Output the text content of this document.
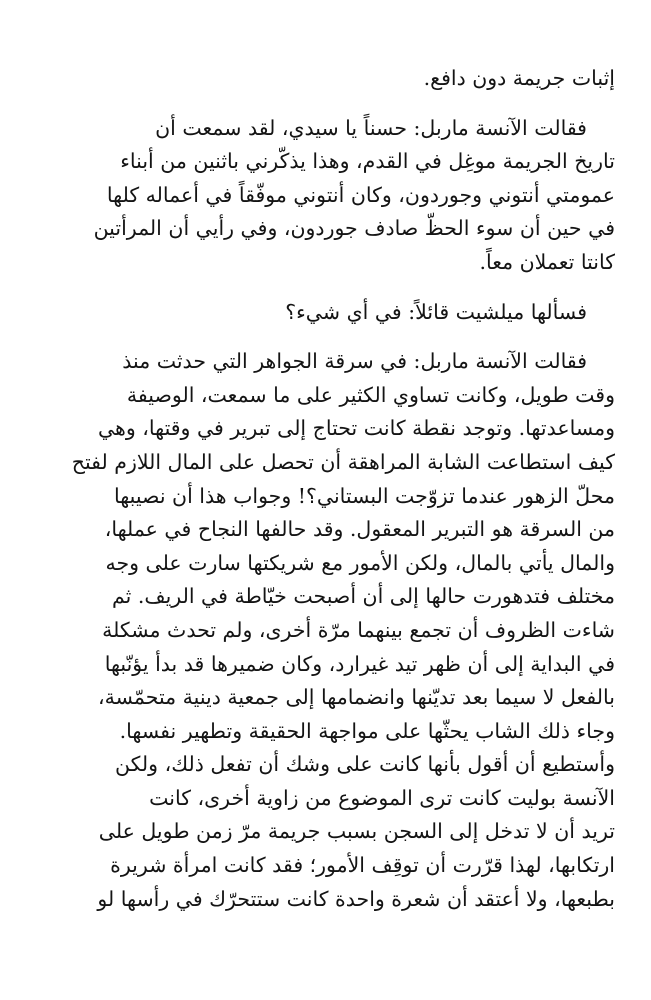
إثبات جريمة دون دافع.

فقالت الآنسة ماربل: حسناً يا سيدي، لقد سمعت أن
تاريخ الجريمة موغِل في القدم، وهذا يذكّرني باثنين من أبناء
عمومتي أنتوني وجوردون، وكان أنتوني موفّقاً في أعماله كلها
في حين أن سوء الحظّ صادف جوردون، وفي رأيي أن المرأتين
كانتا تعملان معاً.

فسألها ميلشيت قائلاً: في أي شيء؟

فقالت الآنسة ماربل: في سرقة الجواهر التي حدثت منذ
وقت طويل، وكانت تساوي الكثير على ما سمعت، الوصيفة
ومساعدتها. وتوجد نقطة كانت تحتاج إلى تبرير في وقتها، وهي
كيف استطاعت الشابة المراهقة أن تحصل على المال اللازم لفتح
محلّ الزهور عندما تزوّجت البستاني؟! وجواب هذا أن نصيبها
من السرقة هو التبرير المعقول. وقد حالفها النجاح في عملها،
والمال يأتي بالمال، ولكن الأمور مع شريكتها سارت على وجه
مختلف فتدهورت حالها إلى أن أصبحت خيّاطة في الريف. ثم
شاءت الظروف أن تجمع بينهما مرّة أخرى، ولم تحدث مشكلة
في البداية إلى أن ظهر تيد غيرارد، وكان ضميرها قد بدأ يؤنّبها
بالفعل لا سيما بعد تديّنها وانضمامها إلى جمعية دينية متحمّسة،
وجاء ذلك الشاب يحثّها على مواجهة الحقيقة وتطهير نفسها.
وأستطيع أن أقول بأنها كانت على وشك أن تفعل ذلك، ولكن
الآنسة بوليت كانت ترى الموضوع من زاوية أخرى، كانت
تريد أن لا تدخل إلى السجن بسبب جريمة مرّ زمن طويل على
ارتكابها، لهذا قرّرت أن توقِف الأمور؛ فقد كانت امرأة شريرة
بطبعها، ولا أعتقد أن شعرة واحدة كانت ستتحرّك في رأسها لو
